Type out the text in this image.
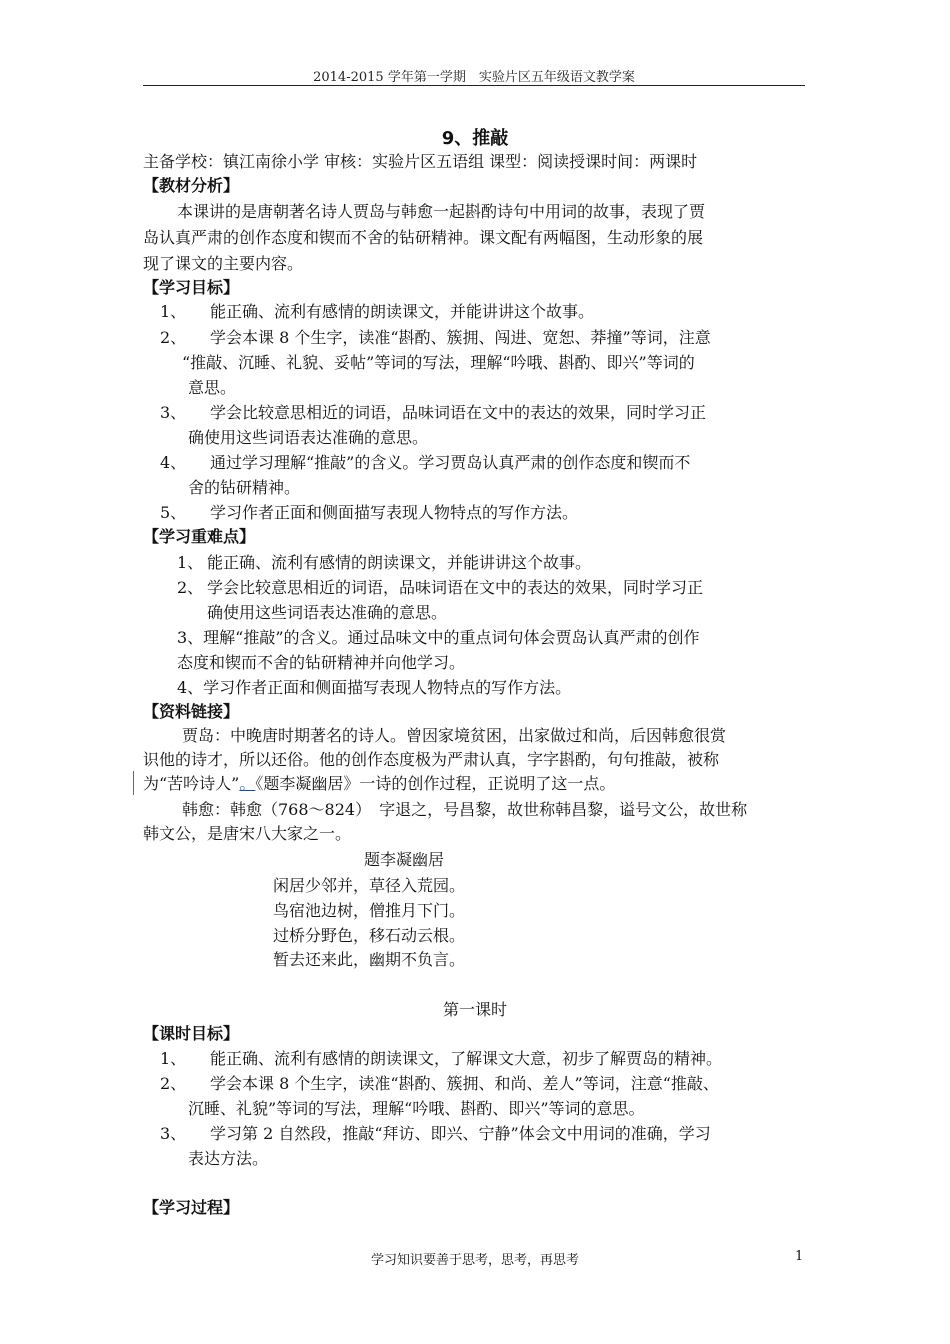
2014-2015 学年第一学期　实验片区五年级语文教学案
9、推敲
主备学校：镇江南徐小学 审核：实验片区五语组 课型：阅读授课时间：两课时
【教材分析】
本课讲的是唐朝著名诗人贾岛与韩愈一起斟酌诗句中用词的故事，表现了贾
岛认真严肃的创作态度和锲而不舍的钻研精神。课文配有两幅图，生动形象的展
现了课文的主要内容。
【学习目标】
1、 能正确、流利有感情的朗读课文，并能讲讲这个故事。
2、 学会本课 8 个生字，读准“斟酌、簇拥、闯进、宽恕、莽撞”等词，注意
“推敲、沉睡、礼貌、妥帖”等词的写法，理解“吟哦、斟酌、即兴”等词的
意思。
3、 学会比较意思相近的词语，品味词语在文中的表达的效果，同时学习正
确使用这些词语表达准确的意思。
4、 通过学习理解“推敲”的含义。学习贾岛认真严肃的创作态度和锲而不
舍的钻研精神。
5、 学习作者正面和侧面描写表现人物特点的写作方法。
【学习重难点】
1、 能正确、流利有感情的朗读课文，并能讲讲这个故事。
2、 学会比较意思相近的词语，品味词语在文中的表达的效果，同时学习正
确使用这些词语表达准确的意思。
3、理解“推敲”的含义。通过品味文中的重点词句体会贾岛认真严肃的创作
态度和锲而不舍的钻研精神并向他学习。
4、学习作者正面和侧面描写表现人物特点的写作方法。
【资料链接】
贾岛：中晚唐时期著名的诗人。曾因家境贫困，出家做过和尚，后因韩愈很赏
识他的诗才，所以还俗。他的创作态度极为严肃认真，字字斟酌，句句推敲，被称
为“苦吟诗人”。《题李凝幽居》一诗的创作过程，正说明了这一点。
韩愈：韩愈（768～824）　字退之，号昌黎，故世称韩昌黎，谥号文公，故世称
韩文公，是唐宋八大家之一。
题李凝幽居
闲居少邻并，草径入荒园。
鸟宿池边树，僧推月下门。
过桥分野色，移石动云根。
暂去还来此，幽期不负言。
第一课时
【课时目标】
1、 能正确、流利有感情的朗读课文，了解课文大意，初步了解贾岛的精神。
2、 学会本课 8 个生字，读准“斟酌、簇拥、和尚、差人”等词，注意“推敲、
沉睡、礼貌”等词的写法，理解“吟哦、斟酌、即兴”等词的意思。
3、 学习第 2 自然段，推敲“拜访、即兴、宁静”体会文中用词的准确，学习
表达方法。
【学习过程】
学习知识要善于思考，思考，再思考	1
